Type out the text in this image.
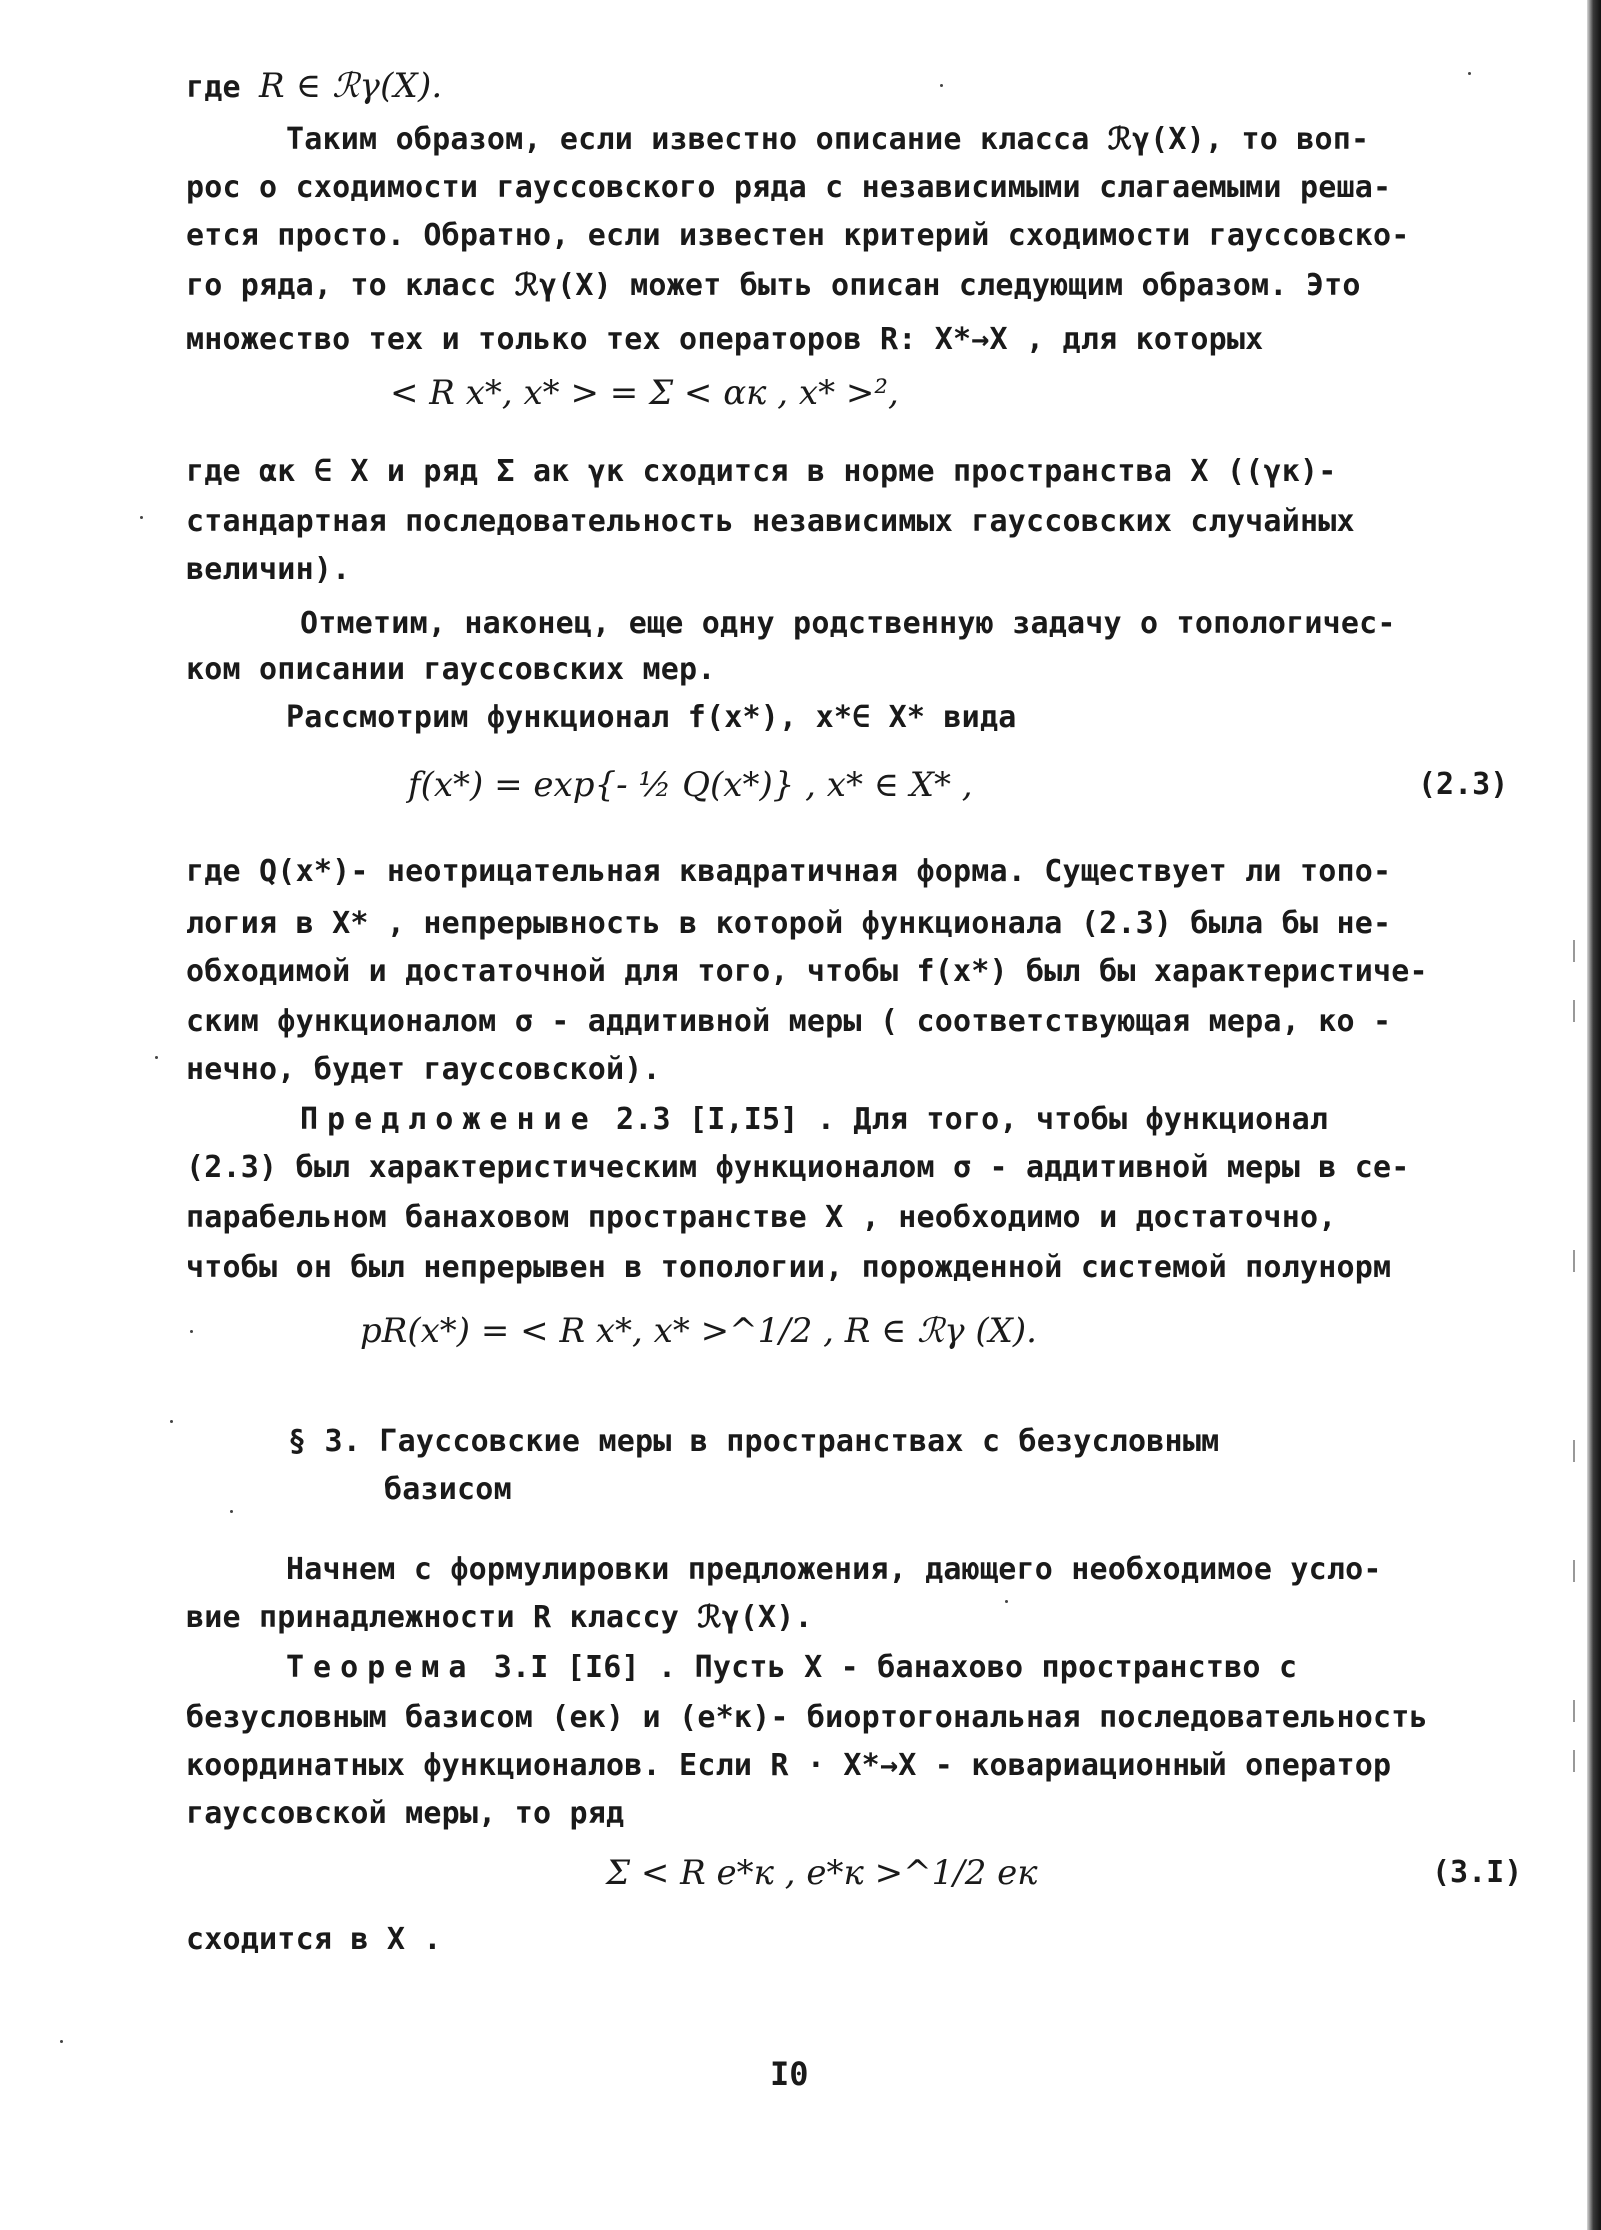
где R ∈ ℛγ(X).
Таким образом, если известно описание класса ℛγ(X), то воп-
рос о сходимости гауссовского ряда с независимыми слагаемыми реша-
ется просто. Обратно, если известен критерий сходимости гауссовско-
го ряда, то класс ℛγ(X) может быть описан следующим образом. Это
множество тех и только тех операторов R: X*→X , для которых
< R x*, x* > = Σ < αк , x* >²,
где αк ∈ X и ряд Σ aк γк сходится в норме пространства X ((γк)-
стандартная последовательность независимых гауссовских случайных
величин).
Отметим, наконец, еще одну родственную задачу о топологичес-
ком описании гауссовских мер.
Рассмотрим функционал f(x*), x*∈ X* вида
f(x*) = exp{- ½ Q(x*)} , x* ∈ X* ,	(2.3)
где Q(x*)- неотрицательная квадратичная форма. Существует ли топо-
логия в X* , непрерывность в которой функционала (2.3) была бы не-
обходимой и достаточной для того, чтобы f(x*) был бы характеристиче-
ским функционалом σ - аддитивной меры ( соответствующая мера, ко -
нечно, будет гауссовской).
Предложение 2.3 [I,I5] . Для того, чтобы функционал
(2.3) был характеристическим функционалом σ - аддитивной меры в се-
парабельном банаховом пространстве X , необходимо и достаточно,
чтобы он был непрерывен в топологии, порожденной системой полунорм
pR(x*) = < R x*, x* >^1/2 , R ∈ ℛγ (X).
§ 3. Гауссовские меры в пространствах с безусловным
базисом
Начнем с формулировки предложения, дающего необходимое усло-
вие принадлежности R классу ℛγ(X).
Теорема 3.I [I6] . Пусть X - банахово пространство с
безусловным базисом (eк) и (e*к)- биортогональная последовательность
координатных функционалов. Если R · X*→X - ковариационный оператор
гауссовской меры, то ряд
Σ < R e*к , e*к >^1/2 eк	(3.I)
сходится в X .
I0
